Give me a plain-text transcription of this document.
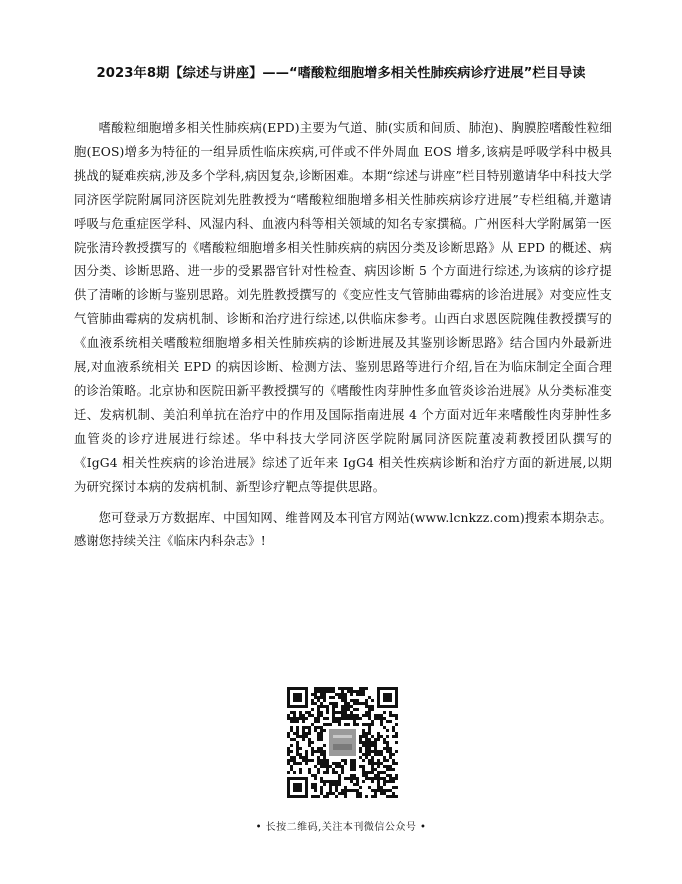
2023年8期【综述与讲座】——“嗜酸粒细胞增多相关性肺疾病诊疗进展”栏目导读

嗜酸粒细胞增多相关性肺疾病(EPD)主要为气道、肺(实质和间质、肺泡)、胸膜腔嗜酸性粒细胞(EOS)增多为特征的一组异质性临床疾病,可伴或不伴外周血 EOS 增多,该病是呼吸学科中极具挑战的疑难疾病,涉及多个学科,病因复杂,诊断困难。本期“综述与讲座”栏目特别邀请华中科技大学同济医学院附属同济医院刘先胜教授为“嗜酸粒细胞增多相关性肺疾病诊疗进展”专栏组稿,并邀请呼吸与危重症医学科、风湿内科、血液内科等相关领域的知名专家撰稿。广州医科大学附属第一医院张清玲教授撰写的《嗜酸粒细胞增多相关性肺疾病的病因分类及诊断思路》从 EPD 的概述、病因分类、诊断思路、进一步的受累器官针对性检查、病因诊断 5 个方面进行综述,为该病的诊疗提供了清晰的诊断与鉴别思路。刘先胜教授撰写的《变应性支气管肺曲霉病的诊治进展》对变应性支气管肺曲霉病的发病机制、诊断和治疗进行综述,以供临床参考。山西白求恩医院隗佳教授撰写的《血液系统相关嗜酸粒细胞增多相关性肺疾病的诊断进展及其鉴别诊断思路》结合国内外最新进展,对血液系统相关 EPD 的病因诊断、检测方法、鉴别思路等进行介绍,旨在为临床制定全面合理的诊治策略。北京协和医院田新平教授撰写的《嗜酸性肉芽肿性多血管炎诊治进展》从分类标准变迁、发病机制、美泊利单抗在治疗中的作用及国际指南进展 4 个方面对近年来嗜酸性肉芽肿性多血管炎的诊疗进展进行综述。华中科技大学同济医学院附属同济医院董凌莉教授团队撰写的《IgG4 相关性疾病的诊治进展》综述了近年来 IgG4 相关性疾病诊断和治疗方面的新进展,以期为研究探讨本病的发病机制、新型诊疗靶点等提供思路。

您可登录万方数据库、中国知网、维普网及本刊官方网站(www.lcnkzz.com)搜索本期杂志。感谢您持续关注《临床内科杂志》!

• 长按二维码,关注本刊微信公众号 •
